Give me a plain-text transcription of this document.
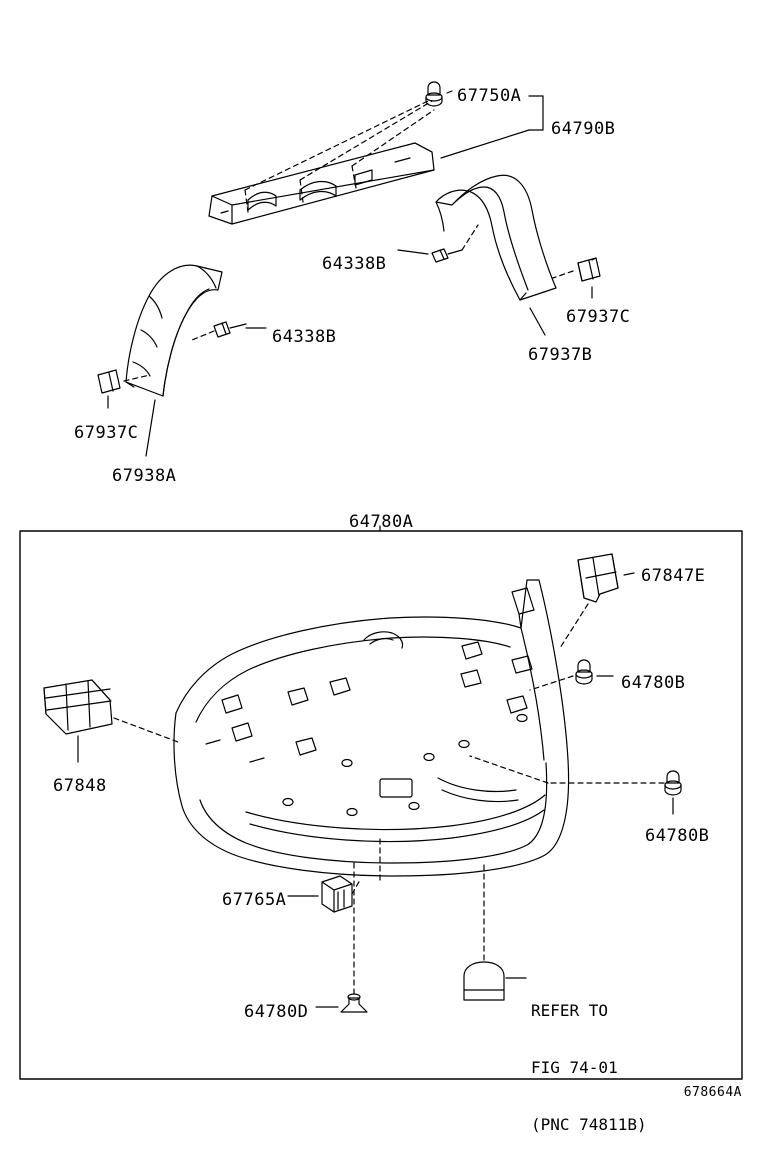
67750A
64790B
64338B
67937C
67937B
64338B
67937C
67938A
64780A
67847E
64780B
67848
64780B
67765A
64780D

	REFER TO

FIG 74-01

(PNC 74811B)

678664A
